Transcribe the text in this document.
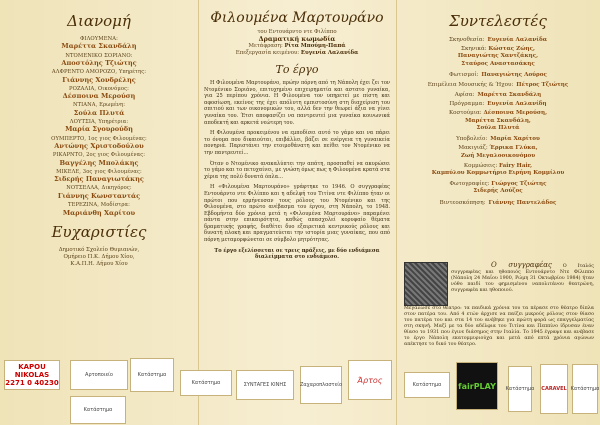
Διανομή
ΦΙΛΟΥΜΕΝΑ:
Μαρέττα Σκανδάλη
ΝΤΟΜΕΝΙΚΟ ΣΟΡΙΑΝΟ:
Αποστόλης Τζιώτης
ΑΛΦΡΕΝΤΟ ΑΜΟΡΟΖΟ, Υπηρέτης:
Γιάννης Χονδρέλης
ΡΟΖΑΛΙΑ, Οικονόμος:
Δέσποινα Μερούση
ΝΤΙΑΝΑ, Ερωμένη:
Σούλα Πλυτά
ΛΟΥΤΣΙΑ, Υπηρέτρια:
Μαρία Σγουρούδη
ΟΥΜΠΕΡΤΟ, 1ος γιος Φιλουμένας:
Αντώνης Χριστοδούλου
ΡΙΚΑΡΝΤΟ, 2ος γιος Φιλουμένας:
Βαγγέλης Μπολάκης
ΜΙΚΕΛΕ, 3ος γιος Φιλουμένας:
Σιδερής Παναγιωτάκης
ΝΟΤΣΕΛΛΑ, Δικηγόρος:
Γιάννης Κωνσταντάς
ΤΕΡΕΖΙΝΑ, Μοδίστρα:
Μαριάνθη Χαρίτου
Ευχαριστίες
Δημοτικό Σχολείο Θυμιανών,
Ομήρειο Π.Κ. Δήμου Χίου,
Κ.Α.Π.Η. Δήμου Χίου
Φιλουμένα Μαρτουράνο
του Εντουάρντο ντε Φιλίππο
Δραματική κωμωδία
Μετάφραση: Ρίτα Μπούμη-Παπά
Επεξεργασία κειμένου: Ευγενία Λαλανίδα
Το έργο

Η Φιλουμένα Μαρτουράνο, πρώην πόρνη από τη Νάπολη έχει ζει τον Ντομένικο Σοριάνο, επιτυχημένο επιχειρηματία και αστατο γυναίκα, για 25 περίπου χρόνια. Η Φιλουμένα τον υπηρετεί με πίστη και αφοσίωση, εκείνος της έχει απόλυτη εμπιστοσύνη στη διαχείριση του σπιτιού και των οικονομικών του, αλλά δεν την θεωρεί άξια να γίνει γυναίκα του. Έτσι αποφασίζει να παντρευτεί μια γυναίκα κοινωνικά αποδεκτή και αρκετά νεώτερη του.

Η Φιλουμένα προκειμένου να εμποδίσει αυτό το γάμο και να πάρει το όνομα που δικαιούται, επιβάλλει, βάζει σε ενέργεια τη γυναικεία πονηριά. Παριστάνει την ετοιμοθάνατη και πείθει τον Ντομένικο να την παντρευτεί...

Όταν ο Ντομένικο ανακαλύπτει την απάτη, προσπαθεί να ακυρώσει το γάμο και το πετυχαίνει, με γνώση όμως πως η Φιλουμένα κρατά στα χέρια της πολύ δυνατά όπλα...

Η «Φιλουμένα Μαρτουράνο» γράφτηκε το 1946. Ο συγγραφέας Εντουάρντο ντε Φιλίππο και η αδελφή του Τιτίνα ντε Φιλίππο ήταν οι πρώτοι που ερμήνευσαν τους ρόλους του Ντομένικο και της Φιλουμένα, στο πρώτο ανέβασμα του έργου, στη Νάπολη, το 1948. Εβδομήντα δύο χρόνια μετά η «Φιλουμένα Μαρτουράνο» παραμένει πάντα στην επικαιρότητα, καθώς απασχολεί κορυφαίο θέματα δραματικής γραφής, διαθέτει δυο εξαιρετικά κεντρικούς ρόλους και δυνατή πλοκή και πραγματεύεται την ιστορία μιας γυναίκας, που από πόρνη μεταμορφώνεται σε σύμβολο μητρότητας.

Το έργο εξελίσσεται σε τρεις πράξεις, με δύο ενδιάμεσα διαλείμματα στο ενδιάμεσο.
Συντελεστές
Σκηνοθεσία: Ευγενία Λαλανίδα
Σκηνικά: Κώστας Ζώης,
Παναγιώτης Χαντζάκης,
Σταύρος Αναστασάκης
Φωτισμοί: Παναγιώτης Λούρος
Επιμέλεια Μουσικής & Ήχου: Πέτρος Τζιώτης
Αφίσα: Μαρέττα Σκανδάλη
Πρόγραμμα: Ευγενία Λαλανίδη
Κοστούμια: Δέσποινα Μερούση,
Μαρέττα Σκανδάλη,
Σούλα Πλυτά
Υποβολείο: Μαρία Χαρίτου
Μακιγιάζ: Έρρικα Γλύκα,
Ζωή Μεγαλοοικονόμου
Κομμώσεις: Fairy Hair,
Καμπύλου Κομμωτήριο Ειρήνη Κομμίλου
Φωτογραφίες: Γιώργος Τζιώτης
Σιδερής Λούζος
Βιντεοσκόπηση: Γιάννης Παντελάδος
Ο συγγραφέας Ο Ιταλός συγγραφέας και ηθοποιός Εντουάρντο Ντε Φίλιππο (Νάπολη 24 Μαΐου 1900, Ρώμη 31 Οκτωβρίου 1984) ήταν νόθο παιδί του φημισμένου ναπολιτάνου θεατρώνη, συγγραφέα και ηθοποιού.
Μεγάλωσε στο θέατρο: τα παιδικά χρόνια του τα πέρασε στο θέατρο δίπλα στον πατέρα του. Από 4 ετών άρχισε να παίζει μικρούς ρόλους στον θίασο του πατέρα του και στα 14 του ανέβηκε για πρώτη φορά ως επαγγελματίας στη σκηνή. Μαζί με τα δύο αδέλφια του Τιτίνα και Πεππίνο ίδρυσαν έναν θίασο το 1931 που έγινε διάσημος στην Ιταλία. Το 1945 έγραψε και ανέβασε το έργο Νάπολη εκατομμυριούχα και μετά από επτά χρόνια αγώνων απέκτησε το δικό του θέατρο.
KAPOU NIKOLAS 2271 0 40230
Αρτοποιείο	Κατάστημα
Κατάστημα	ΣΥΝΤΑΓΕΣ ΚΙΝΗΣ	Ζαχαροπλαστείο
Άρτος
Κατάστημα	fairPLAY	Κατάστημα CARAVEL Κατάστημα
Κατάστημα
